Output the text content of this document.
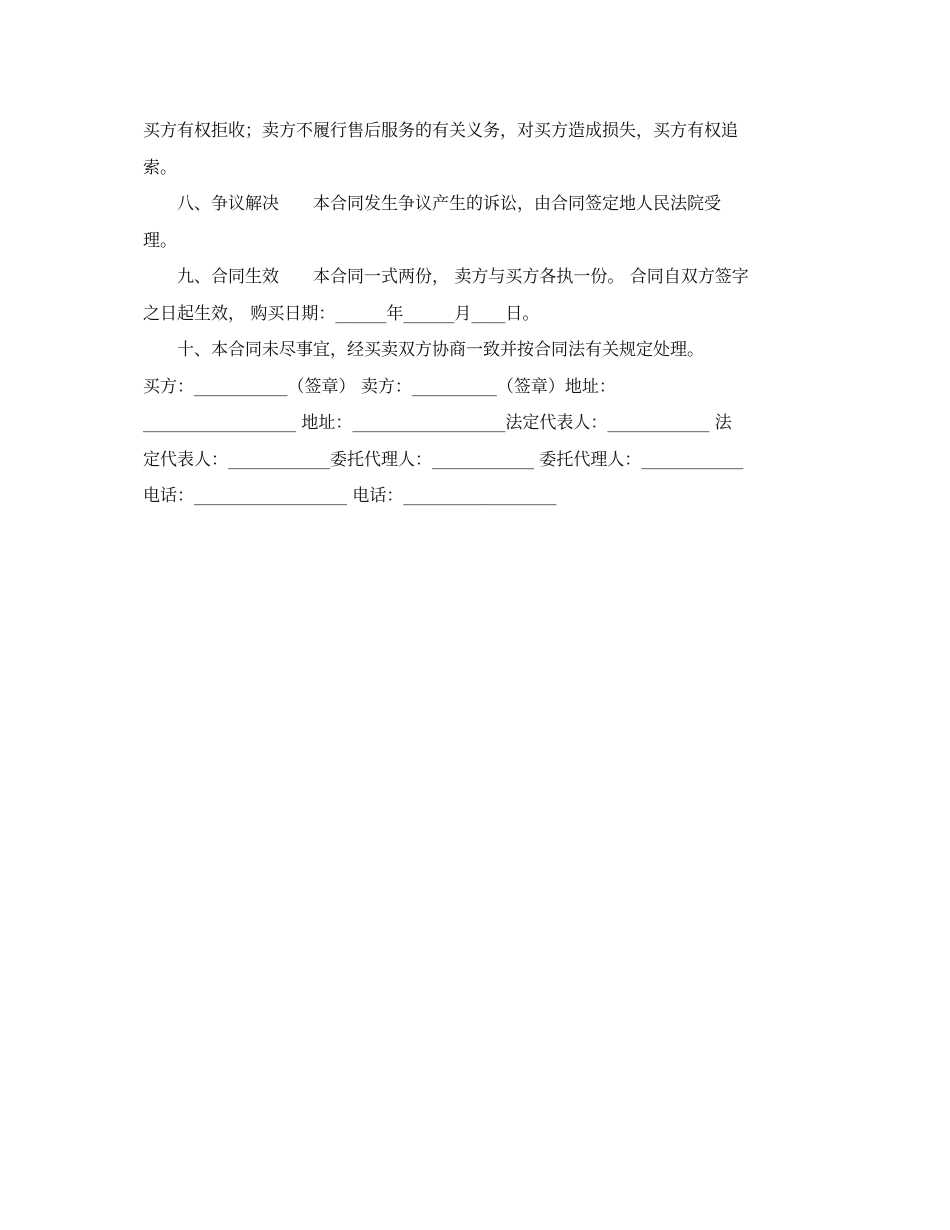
买方有权拒收；卖方不履行售后服务的有关义务，对买方造成损失，买方有权追
索。
八、争议解决　　本合同发生争议产生的诉讼，由合同签定地人民法院受
理。
九、合同生效　　本合同一式两份， 卖方与买方各执一份。 合同自双方签字
之日起生效， 购买日期：______年______月____日。
十、本合同未尽事宜，经买卖双方协商一致并按合同法有关规定处理。
买方：___________（签章） 卖方：__________（签章）地址：
__________________ 地址：__________________法定代表人：____________ 法
定代表人：____________委托代理人：____________ 委托代理人：____________
电话：__________________ 电话：__________________
